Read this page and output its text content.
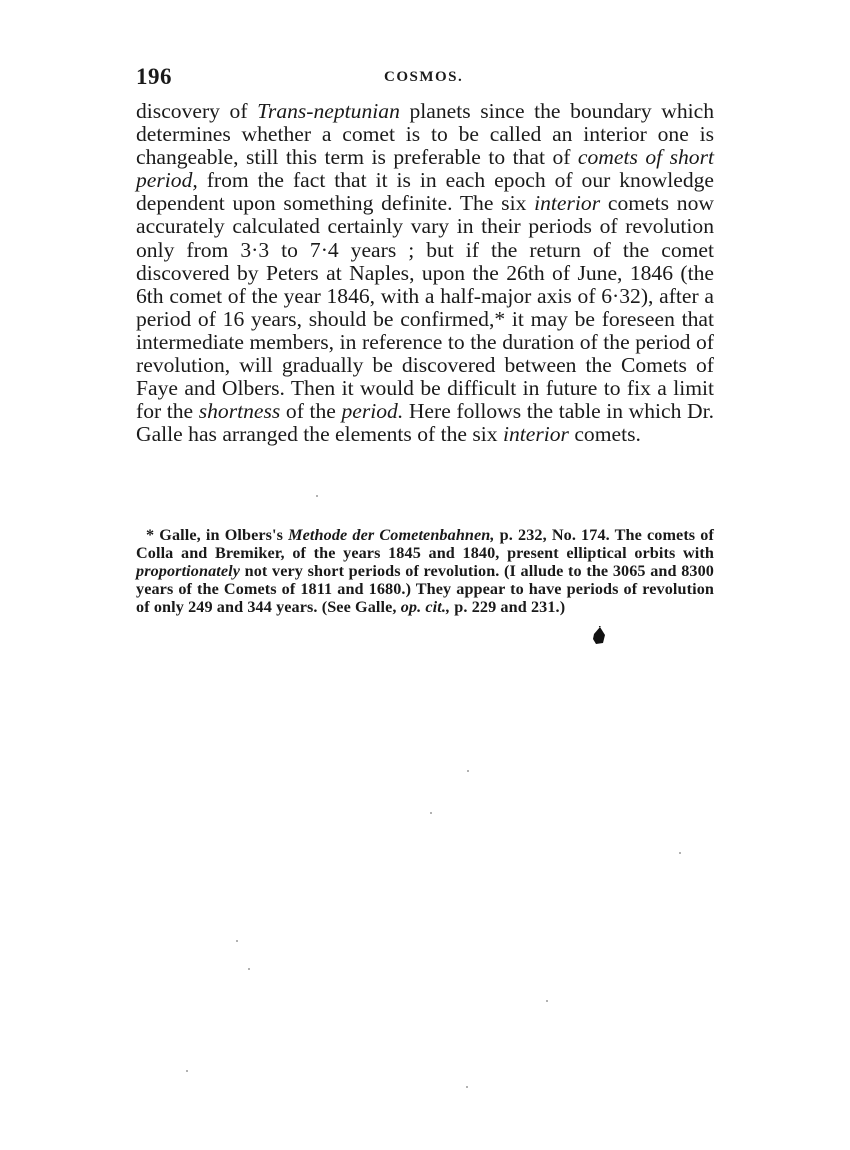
196	COSMOS.

discovery of Trans-neptunian planets since the boundary which determines whether a comet is to be called an interior one is changeable, still this term is preferable to that of comets of short period, from the fact that it is in each epoch of our knowledge dependent upon something definite. The six interior comets now accurately calculated certainly vary in their periods of revolution only from 3·3 to 7·4 years ; but if the return of the comet discovered by Peters at Naples, upon the 26th of June, 1846 (the 6th comet of the year 1846, with a half-major axis of 6·32), after a period of 16 years, should be confirmed,* it may be foreseen that intermediate members, in reference to the duration of the period of revolution, will gradually be discovered between the Comets of Faye and Olbers. Then it would be difficult in future to fix a limit for the shortness of the period. Here follows the table in which Dr. Galle has arranged the elements of the six interior comets.

* Galle, in Olbers's Methode der Cometenbahnen, p. 232, No. 174. The comets of Colla and Bremiker, of the years 1845 and 1840, present elliptical orbits with proportionately not very short periods of revolution. (I allude to the 3065 and 8300 years of the Comets of 1811 and 1680.) They appear to have periods of revolution of only 249 and 344 years. (See Galle, op. cit., p. 229 and 231.)
